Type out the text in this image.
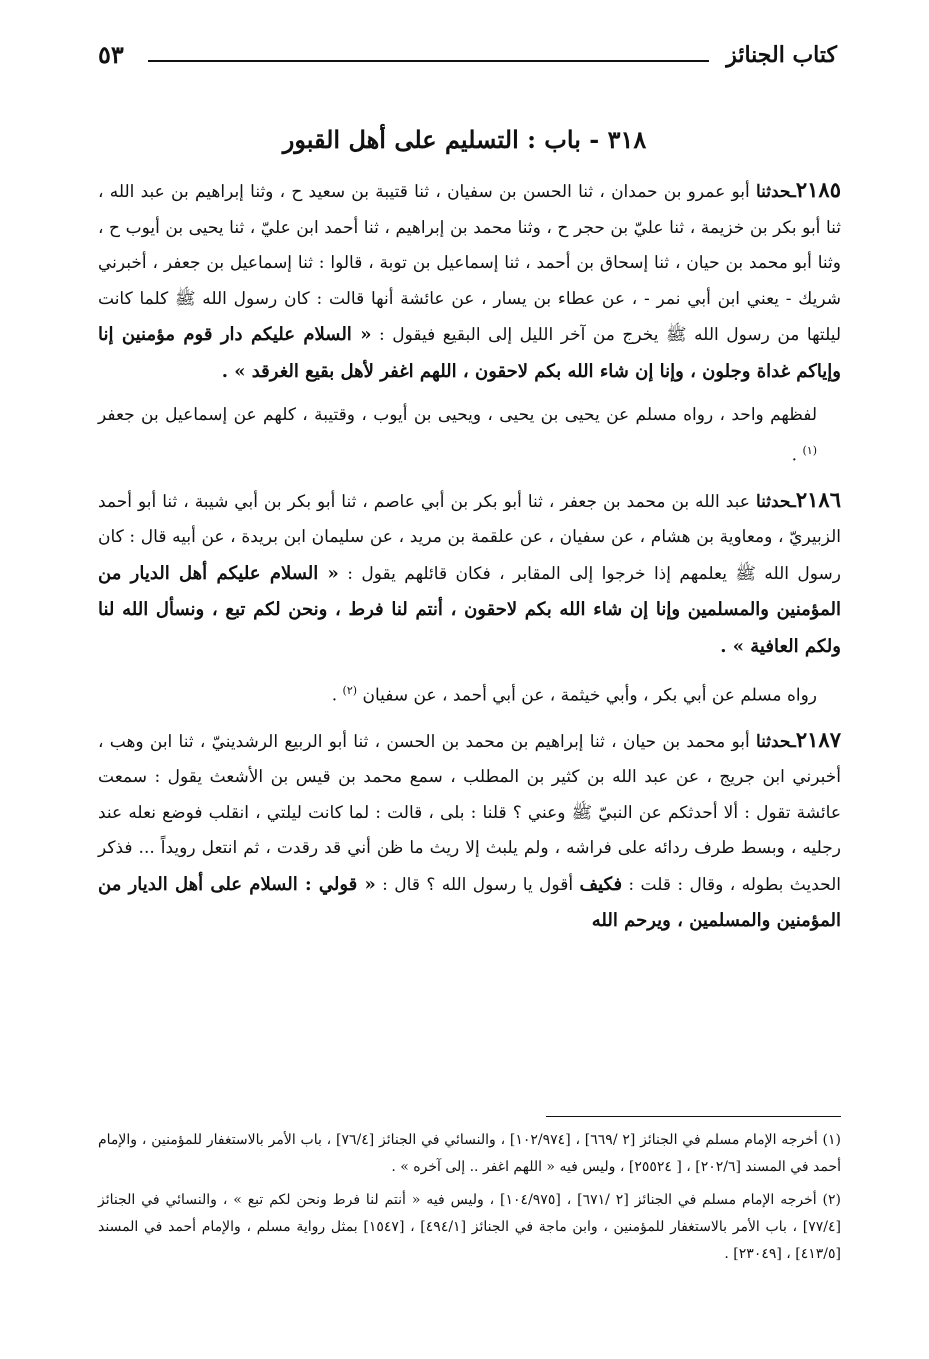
كتاب الجنائز
٥٣
٣١٨ - باب : التسليم على أهل القبور

٢١٨٥ـحدثنا أبو عمرو بن حمدان ، ثنا الحسن بن سفيان ، ثنا قتيبة بن سعيد ح ، وثنا إبراهيم بن عبد الله ، ثنا أبو بكر بن خزيمة ، ثنا عليّ بن حجر ح ، وثنا محمد بن إبراهيم ، ثنا أحمد ابن عليّ ، ثنا يحيى بن أيوب ح ، وثنا أبو محمد بن حيان ، ثنا إسحاق بن أحمد ، ثنا إسماعيل بن توبة ، قالوا : ثنا إسماعيل بن جعفر ، أخبرني شريك - يعني ابن أبي نمر - ، عن عطاء بن يسار ، عن عائشة أنها قالت : كان رسول الله ﷺ كلما كانت ليلتها من رسول الله ﷺ يخرج من آخر الليل إلى البقيع فيقول : « السلام عليكم دار قوم مؤمنين إنا وإياكم غداة وجلون ، وإنا إن شاء الله بكم لاحقون ، اللهم اغفر لأهل بقيع الغرقد » .

لفظهم واحد ، رواه مسلم عن يحيى بن يحيى ، ويحيى بن أيوب ، وقتيبة ، كلهم عن إسماعيل بن جعفر $^{(١)}$ .

٢١٨٦ـحدثنا عبد الله بن محمد بن جعفر ، ثنا أبو بكر بن أبي عاصم ، ثنا أبو بكر بن أبي شيبة ، ثنا أبو أحمد الزبيريّ ، ومعاوية بن هشام ، عن سفيان ، عن علقمة بن مريد ، عن سليمان ابن بريدة ، عن أبيه قال : كان رسول الله ﷺ يعلمهم إذا خرجوا إلى المقابر ، فكان قائلهم يقول : « السلام عليكم أهل الديار من المؤمنين والمسلمين وإنا إن شاء الله بكم لاحقون ، أنتم لنا فرط ، ونحن لكم تبع ، ونسأل الله لنا ولكم العافية » .

رواه مسلم عن أبي بكر ، وأبي خيثمة ، عن أبي أحمد ، عن سفيان $^{(٢)}$ .

٢١٨٧ـحدثنا أبو محمد بن حيان ، ثنا إبراهيم بن محمد بن الحسن ، ثنا أبو الربيع الرشدينيّ ، ثنا ابن وهب ، أخبرني ابن جريج ، عن عبد الله بن كثير بن المطلب ، سمع محمد بن قيس بن الأشعث يقول : سمعت عائشة تقول : ألا أحدثكم عن النبيّ ﷺ وعني ؟ قلنا : بلى ، قالت : لما كانت ليلتي ، انقلب فوضع نعله عند رجليه ، وبسط طرف ردائه على فراشه ، ولم يلبث إلا ريث ما ظن أني قد رقدت ، ثم انتعل رويداً ... فذكر الحديث بطوله ، وقال : قلت : فكيف أقول يا رسول الله ؟ قال : « قولي : السلام على أهل الديار من المؤمنين والمسلمين ، ويرحم الله

(١) أخرجه الإمام مسلم في الجنائز [٢ /٦٦٩] ، [١٠٢/٩٧٤] ، والنسائي في الجنائز [٧٦/٤] ، باب الأمر بالاستغفار للمؤمنين ، والإمام أحمد في المسند [٢٠٢/٦] ، [ ٢٥٥٢٤] ، وليس فيه « اللهم اغفر .. إلى آخره » .

(٢) أخرجه الإمام مسلم في الجنائز [٢ /٦٧١] ، [١٠٤/٩٧٥] ، وليس فيه « أنتم لنا فرط ونحن لكم تبع » ، والنسائي في الجنائز [٧٧/٤] ، باب الأمر بالاستغفار للمؤمنين ، وابن ماجة في الجنائز [٤٩٤/١] ، [١٥٤٧] بمثل رواية مسلم ، والإمام أحمد في المسند [٤١٣/٥] ، [٢٣٠٤٩] .
